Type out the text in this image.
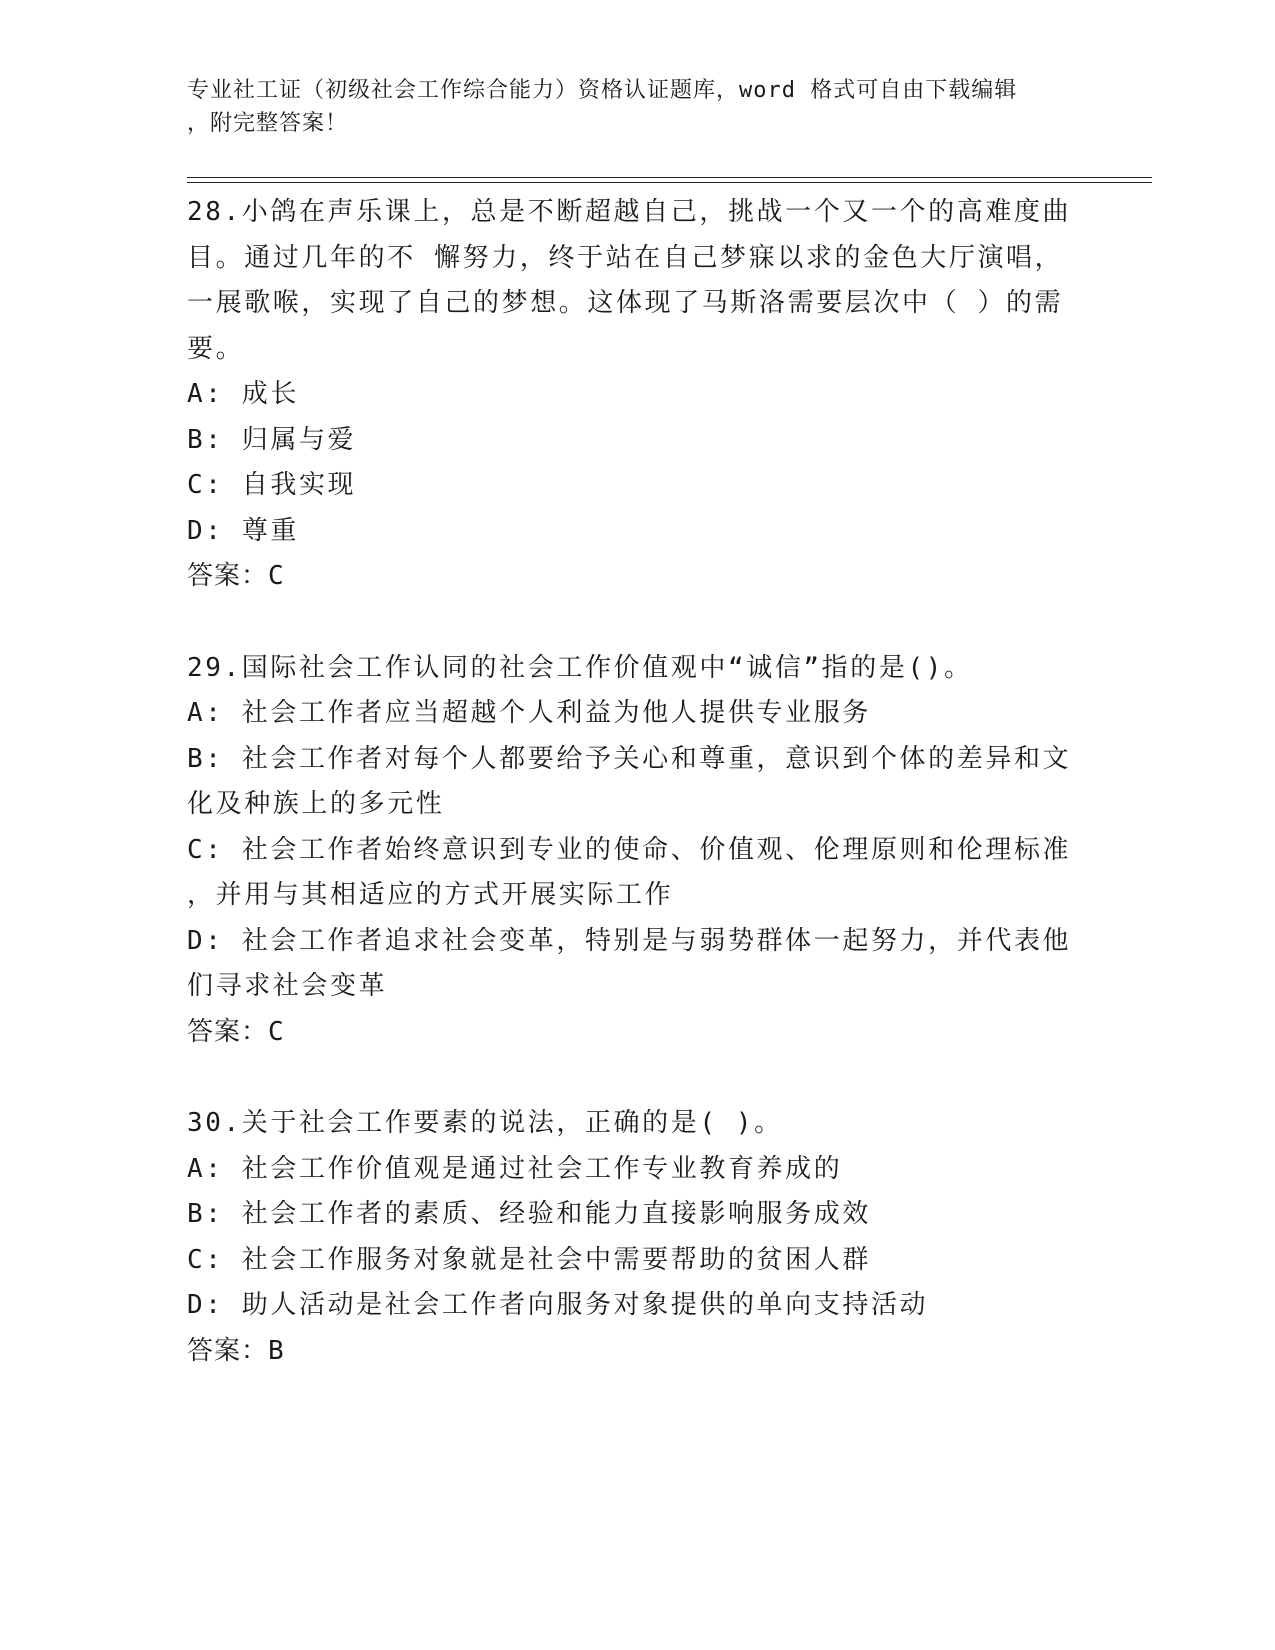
专业社工证（初级社会工作综合能力）资格认证题库，word 格式可自由下载编辑
，附完整答案！
28.小鸽在声乐课上，总是不断超越自己，挑战一个又一个的高难度曲
目。通过几年的不 懈努力，终于站在自己梦寐以求的金色大厅演唱，
一展歌喉，实现了自己的梦想。这体现了马斯洛需要层次中（ ）的需
要。
A: 成长
B: 归属与爱
C: 自我实现
D: 尊重
答案：C
29.国际社会工作认同的社会工作价值观中“诚信”指的是()。
A: 社会工作者应当超越个人利益为他人提供专业服务
B: 社会工作者对每个人都要给予关心和尊重，意识到个体的差异和文
化及种族上的多元性
C: 社会工作者始终意识到专业的使命、价值观、伦理原则和伦理标准
，并用与其相适应的方式开展实际工作
D: 社会工作者追求社会变革，特别是与弱势群体一起努力，并代表他
们寻求社会变革
答案：C
30.关于社会工作要素的说法，正确的是( )。
A: 社会工作价值观是通过社会工作专业教育养成的
B: 社会工作者的素质、经验和能力直接影响服务成效
C: 社会工作服务对象就是社会中需要帮助的贫困人群
D: 助人活动是社会工作者向服务对象提供的单向支持活动
答案：B
